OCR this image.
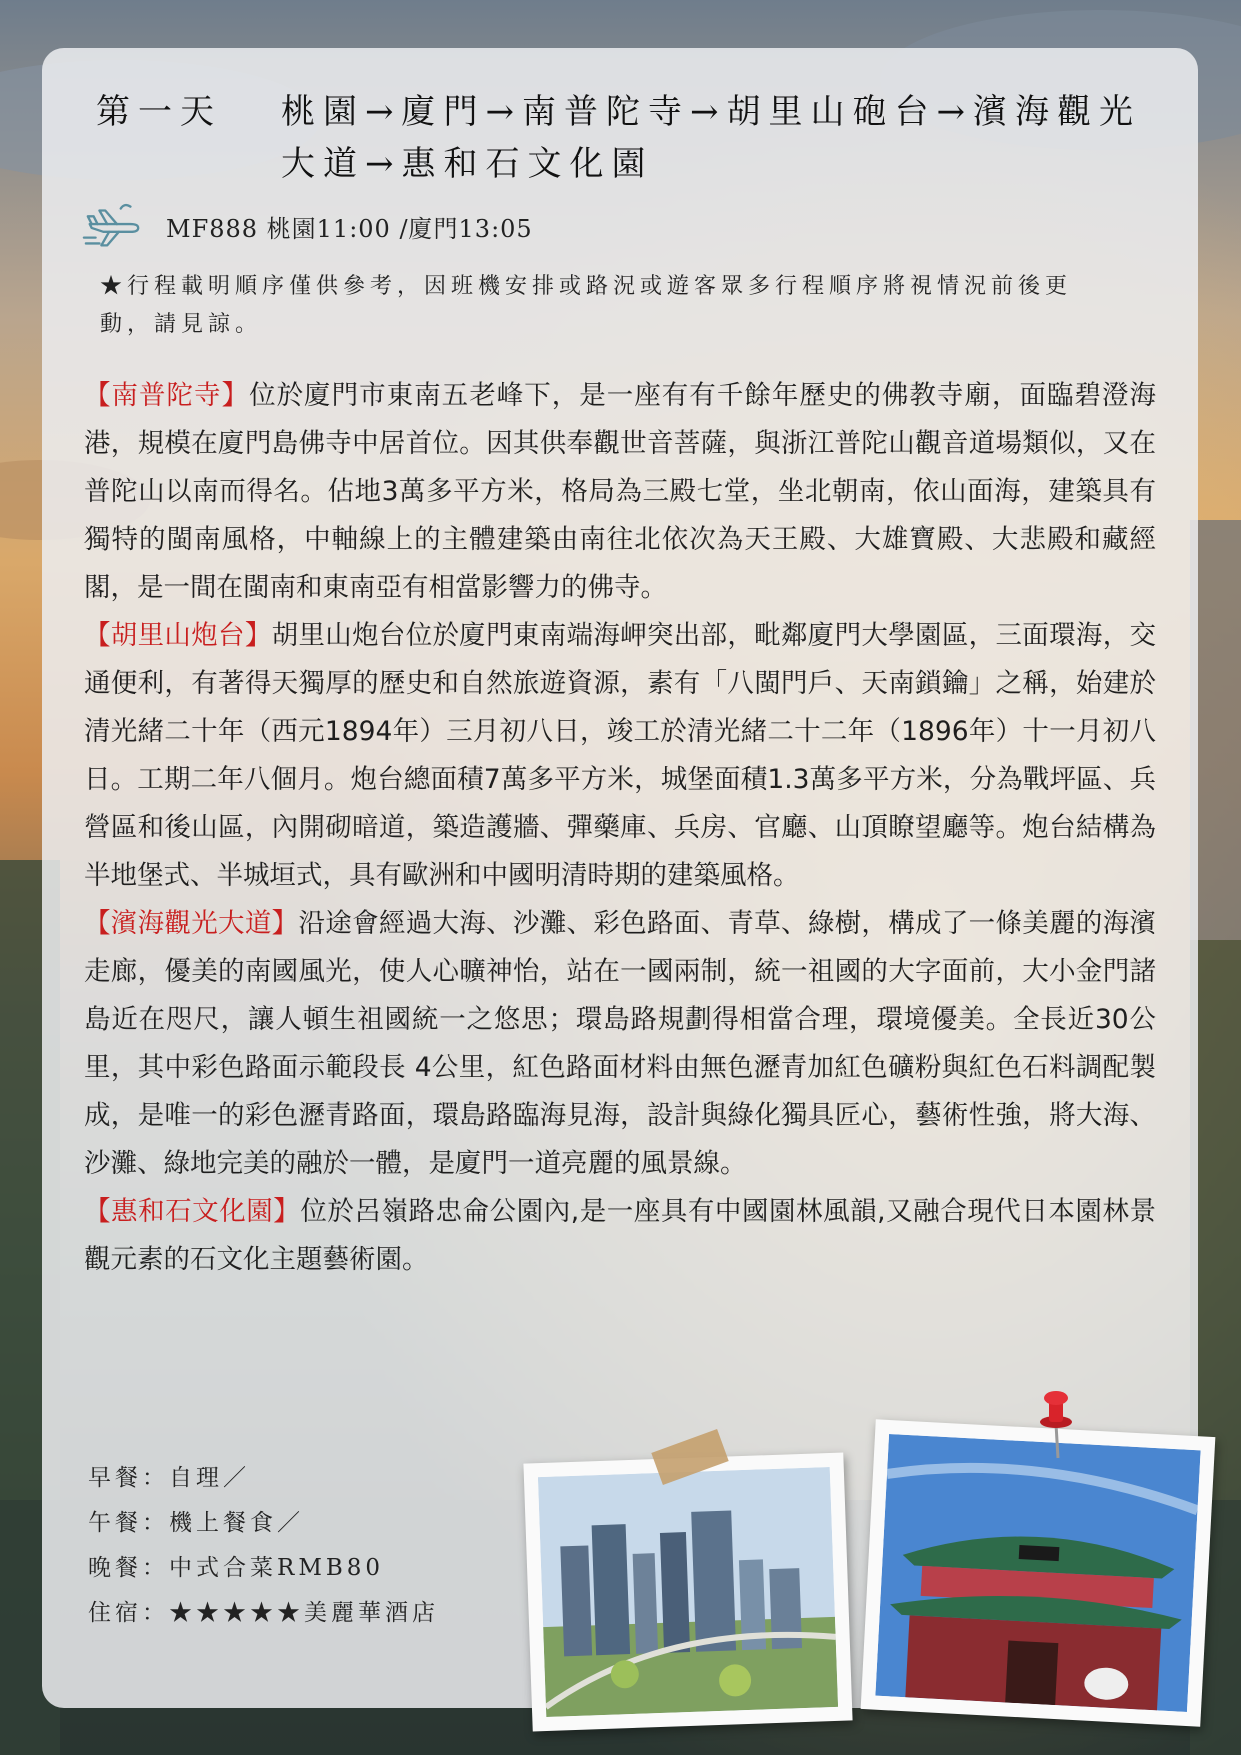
第一天 桃園→廈門→南普陀寺→胡里山砲台→濱海觀光大道→惠和石文化園
MF888 桃園11:00 /廈門13:05
★行程載明順序僅供參考，因班機安排或路況或遊客眾多行程順序將視情況前後更動，請見諒。

【南普陀寺】位於廈門市東南五老峰下，是一座有有千餘年歷史的佛教寺廟，面臨碧澄海港，規模在廈門島佛寺中居首位。因其供奉觀世音菩薩，與浙江普陀山觀音道場類似，又在普陀山以南而得名。佔地3萬多平方米，格局為三殿七堂，坐北朝南，依山面海，建築具有獨特的閩南風格，中軸線上的主體建築由南往北依次為天王殿、大雄寶殿、大悲殿和藏經閣，是一間在閩南和東南亞有相當影響力的佛寺。

【胡里山炮台】胡里山炮台位於廈門東南端海岬突出部，毗鄰廈門大學園區，三面環海，交通便利，有著得天獨厚的歷史和自然旅遊資源，素有「八閩門戶、天南鎖鑰」之稱，始建於清光緒二十年（西元1894年）三月初八日，竣工於清光緒二十二年（1896年）十一月初八日。工期二年八個月。炮台總面積7萬多平方米，城堡面積1.3萬多平方米，分為戰坪區、兵營區和後山區，內開砌暗道，築造護牆、彈藥庫、兵房、官廳、山頂瞭望廳等。炮台結構為半地堡式、半城垣式，具有歐洲和中國明清時期的建築風格。

【濱海觀光大道】沿途會經過大海、沙灘、彩色路面、青草、綠樹，構成了一條美麗的海濱走廊，優美的南國風光，使人心曠神怡，站在一國兩制，統一祖國的大字面前，大小金門諸島近在咫尺，讓人頓生祖國統一之悠思；環島路規劃得相當合理，環境優美。全長近30公里，其中彩色路面示範段長 4公里，紅色路面材料由無色瀝青加紅色礦粉與紅色石料調配製成，是唯一的彩色瀝青路面，環島路臨海見海，設計與綠化獨具匠心，藝術性強，將大海、沙灘、綠地完美的融於一體，是廈門一道亮麗的風景線。

【惠和石文化園】位於呂嶺路忠侖公園內,是一座具有中國園林風韻,又融合現代日本園林景觀元素的石文化主題藝術園。

早餐：自理／
午餐：機上餐食／
晚餐：中式合菜RMB80
住宿：★★★★★美麗華酒店
